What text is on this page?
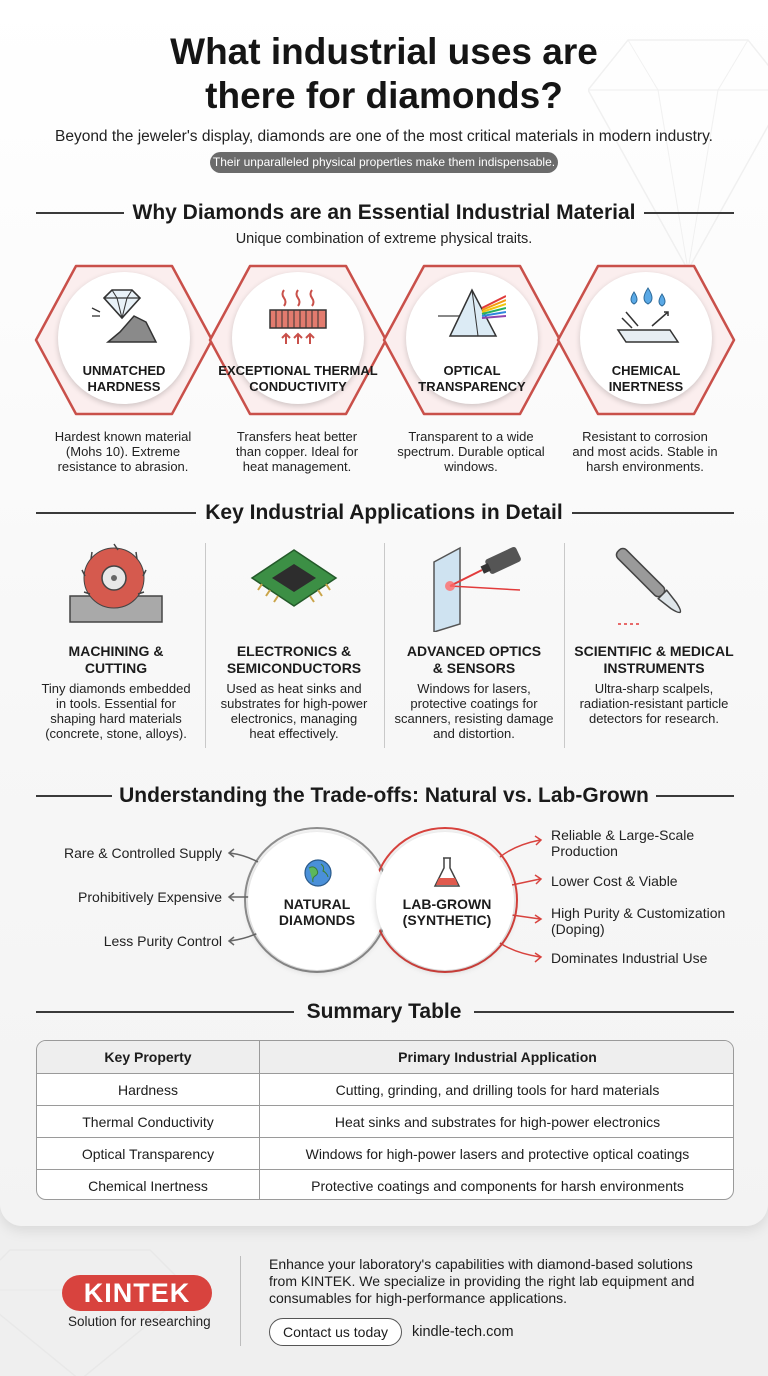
What industrial uses are
there for diamonds?
Beyond the jeweler's display, diamonds are one of the most critical materials in modern industry.
Their unparalleled physical properties make them indispensable.
Why Diamonds are an Essential Industrial Material
Unique combination of extreme physical traits.
UNMATCHED
HARDNESS
Hardest known material
(Mohs 10). Extreme
resistance to abrasion.
EXCEPTIONAL THERMAL
CONDUCTIVITY
Transfers heat better
than copper. Ideal for
heat management.
OPTICAL
TRANSPARENCY
Transparent to a wide
spectrum. Durable optical
windows.
CHEMICAL
INERTNESS
Resistant to corrosion
and most acids. Stable in
harsh environments.
Key Industrial Applications in Detail
MACHINING &
CUTTING
Tiny diamonds embedded
in tools. Essential for
shaping hard materials
(concrete, stone, alloys).
ELECTRONICS &
SEMICONDUCTORS
Used as heat sinks and
substrates for high-power
electronics, managing
heat effectively.
ADVANCED OPTICS
& SENSORS
Windows for lasers,
protective coatings for
scanners, resisting damage
and distortion.
SCIENTIFIC & MEDICAL
INSTRUMENTS
Ultra-sharp scalpels,
radiation-resistant particle
detectors for research.
Understanding the Trade-offs: Natural vs. Lab-Grown
NATURAL
DIAMONDS
LAB-GROWN
(SYNTHETIC)
Rare & Controlled Supply
Prohibitively Expensive
Less Purity Control
Reliable & Large-Scale
Production
Lower Cost & Viable
High Purity & Customization
(Doping)
Dominates Industrial Use
Summary Table
Key Property	Primary Industrial Application
Hardness	Cutting, grinding, and drilling tools for hard materials
Thermal Conductivity	Heat sinks and substrates for high-power electronics
Optical Transparency	Windows for high-power lasers and protective optical coatings
Chemical Inertness	Protective coatings and components for harsh environments
KINTEK
Solution for researching
Enhance your laboratory's capabilities with diamond-based solutions
from KINTEK. We specialize in providing the right lab equipment and
consumables for high-performance applications.
Contact us today	kindle-tech.com
